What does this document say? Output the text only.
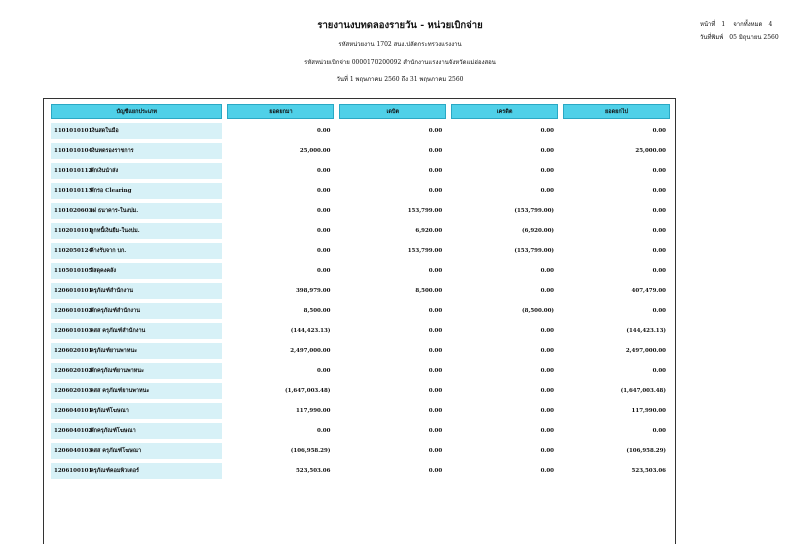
รายงานงบทดลองรายวัน - หน่วยเบิกจ่าย
รหัสหน่วยงาน 1702 สนง.ปลัดกระทรวงแรงงาน
รหัสหน่วยเบิกจ่าย 0000170200092 สำนักงานแรงงานจังหวัดแม่ฮ่องสอน
วันที่ 1 พฤษภาคม 2560 ถึง 31 พฤษภาคม 2560
หน้าที่ 1 จากทั้งหมด 4
วันที่พิมพ์ 05 มิถุนายน 2560
บัญชีแยกประเภท	ยอดยกมา	เดบิต	เครดิต	ยอดยกไป
1101010101เงินสดในมือ	0.00	0.00	0.00	0.00
1101010104เงินทดรองราชการ	25,000.00	0.00	0.00	25,000.00
1101010112พักเงินนำส่ง	0.00	0.00	0.00	0.00
1101010113พักรอ Clearing	0.00	0.00	0.00	0.00
1101020603งฝ ธนาคาร-ในงปม.	0.00	153,799.00	(153,799.00)	0.00
1102010101ลูกหนี้เงินยืม-ในงปม.	0.00	6,920.00	(6,920.00)	0.00
1102050124ค้างรับจาก บก.	0.00	153,799.00	(153,799.00)	0.00
1105010105วัสดุคงคลัง	0.00	0.00	0.00	0.00
1206010101ครุภัณฑ์สำนักงาน	398,979.00	8,500.00	0.00	407,479.00
1206010102พักครุภัณฑ์สำนักงาน	8,500.00	0.00	(8,500.00)	0.00
1206010103คสส ครุภัณฑ์สำนักงาน	(144,423.13)	0.00	0.00	(144,423.13)
1206020101ครุภัณฑ์ยานพาหนะ	2,497,000.00	0.00	0.00	2,497,000.00
1206020102พักครุภัณฑ์ยานพาหนะ	0.00	0.00	0.00	0.00
1206020103คสส ครุภัณฑ์ยานพาหนะ	(1,647,003.48)	0.00	0.00	(1,647,003.48)
1206040101ครุภัณฑ์โฆษณา	117,990.00	0.00	0.00	117,990.00
1206040102พักครุภัณฑ์โฆษณา	0.00	0.00	0.00	0.00
1206040103คสส ครุภัณฑ์โฆษณา	(106,958.29)	0.00	0.00	(106,958.29)
1206100101ครุภัณฑ์คอมพิวเตอร์	523,503.06	0.00	0.00	523,503.06
